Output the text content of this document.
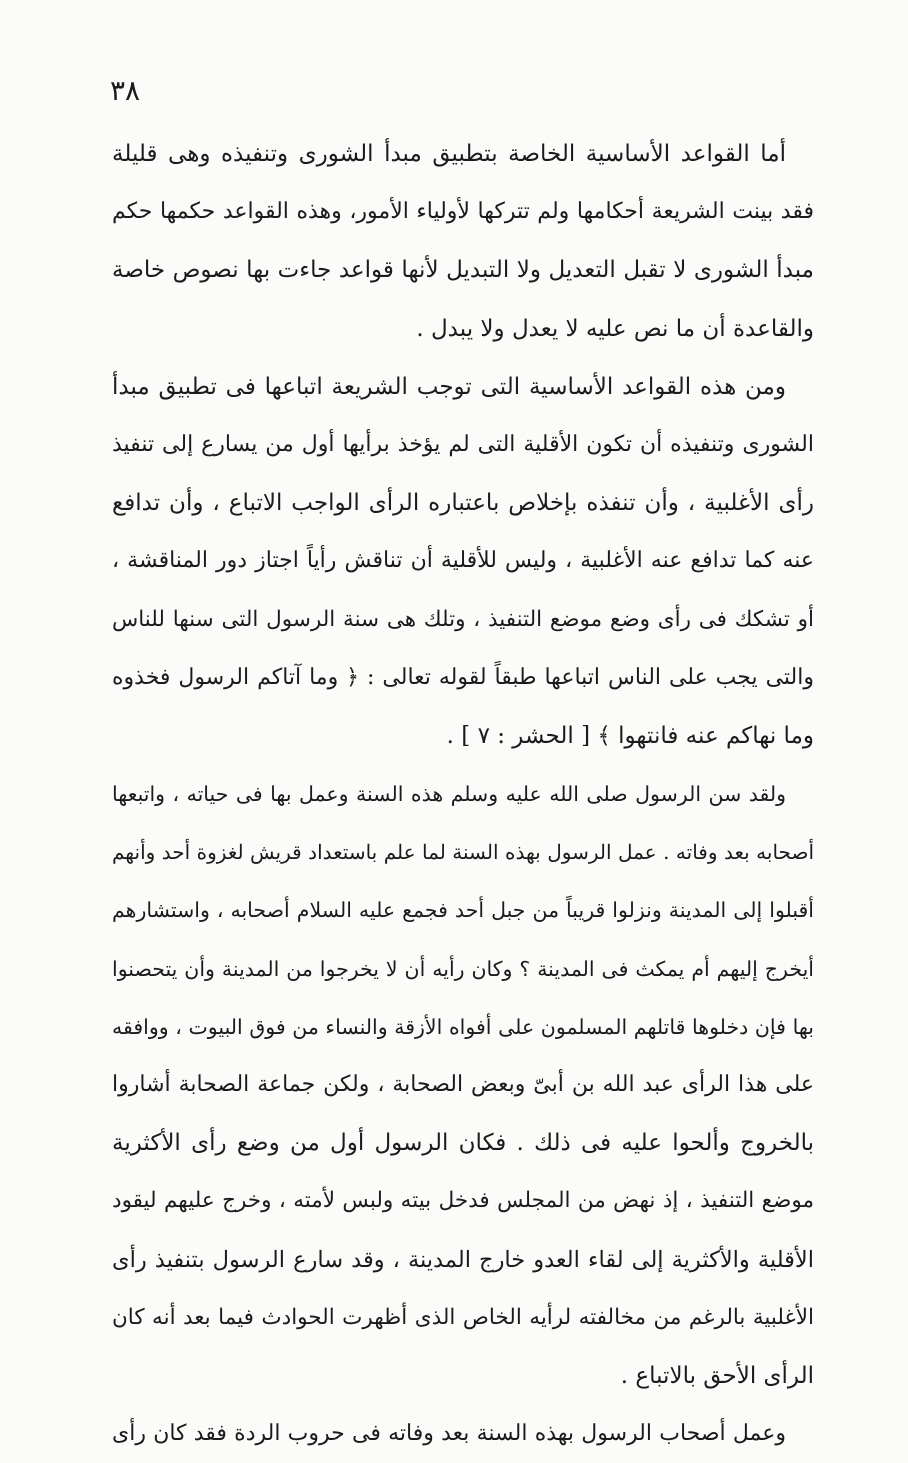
٣٨
أما القواعد الأساسية الخاصة بتطبيق مبدأ الشورى وتنفيذه وهى قليلة
فقد بينت الشريعة أحكامها ولم تتركها لأولياء الأمور، وهذه القواعد حكمها حكم
مبدأ الشورى لا تقبل التعديل ولا التبديل لأنها قواعد جاءت بها نصوص خاصة
والقاعدة أن ما نص عليه لا يعدل ولا يبدل .
ومن هذه القواعد الأساسية التى توجب الشريعة اتباعها فى تطبيق مبدأ
الشورى وتنفيذه أن تكون الأقلية التى لم يؤخذ برأيها أول من يسارع إلى تنفيذ
رأى الأغلبية ، وأن تنفذه بإخلاص باعتباره الرأى الواجب الاتباع ، وأن تدافع
عنه كما تدافع عنه الأغلبية ، وليس للأقلية أن تناقش رأياً اجتاز دور المناقشة ،
أو تشكك فى رأى وضع موضع التنفيذ ، وتلك هى سنة الرسول التى سنها للناس
والتى يجب على الناس اتباعها طبقاً لقوله تعالى : ﴿ وما آتاكم الرسول فخذوه
وما نهاكم عنه فانتهوا ﴾ [ الحشر : ٧ ] .
ولقد سن الرسول صلى الله عليه وسلم هذه السنة وعمل بها فى حياته ، واتبعها
أصحابه بعد وفاته . عمل الرسول بهذه السنة لما علم باستعداد قريش لغزوة أحد وأنهم
أقبلوا إلى المدينة ونزلوا قريباً من جبل أحد فجمع عليه السلام أصحابه ، واستشارهم
أيخرج إليهم أم يمكث فى المدينة ؟ وكان رأيه أن لا يخرجوا من المدينة وأن يتحصنوا
بها فإن دخلوها قاتلهم المسلمون على أفواه الأزقة والنساء من فوق البيوت ، ووافقه
على هذا الرأى عبد الله بن أبىّ وبعض الصحابة ، ولكن جماعة الصحابة أشاروا
بالخروج وألحوا عليه فى ذلك . فكان الرسول أول من وضع رأى الأكثرية
موضع التنفيذ ، إذ نهض من المجلس فدخل بيته ولبس لأمته ، وخرج عليهم ليقود
الأقلية والأكثرية إلى لقاء العدو خارج المدينة ، وقد سارع الرسول بتنفيذ رأى
الأغلبية بالرغم من مخالفته لرأيه الخاص الذى أظهرت الحوادث فيما بعد أنه كان
الرأى الأحق بالاتباع .
وعمل أصحاب الرسول بهذه السنة بعد وفاته فى حروب الردة فقد كان رأى
